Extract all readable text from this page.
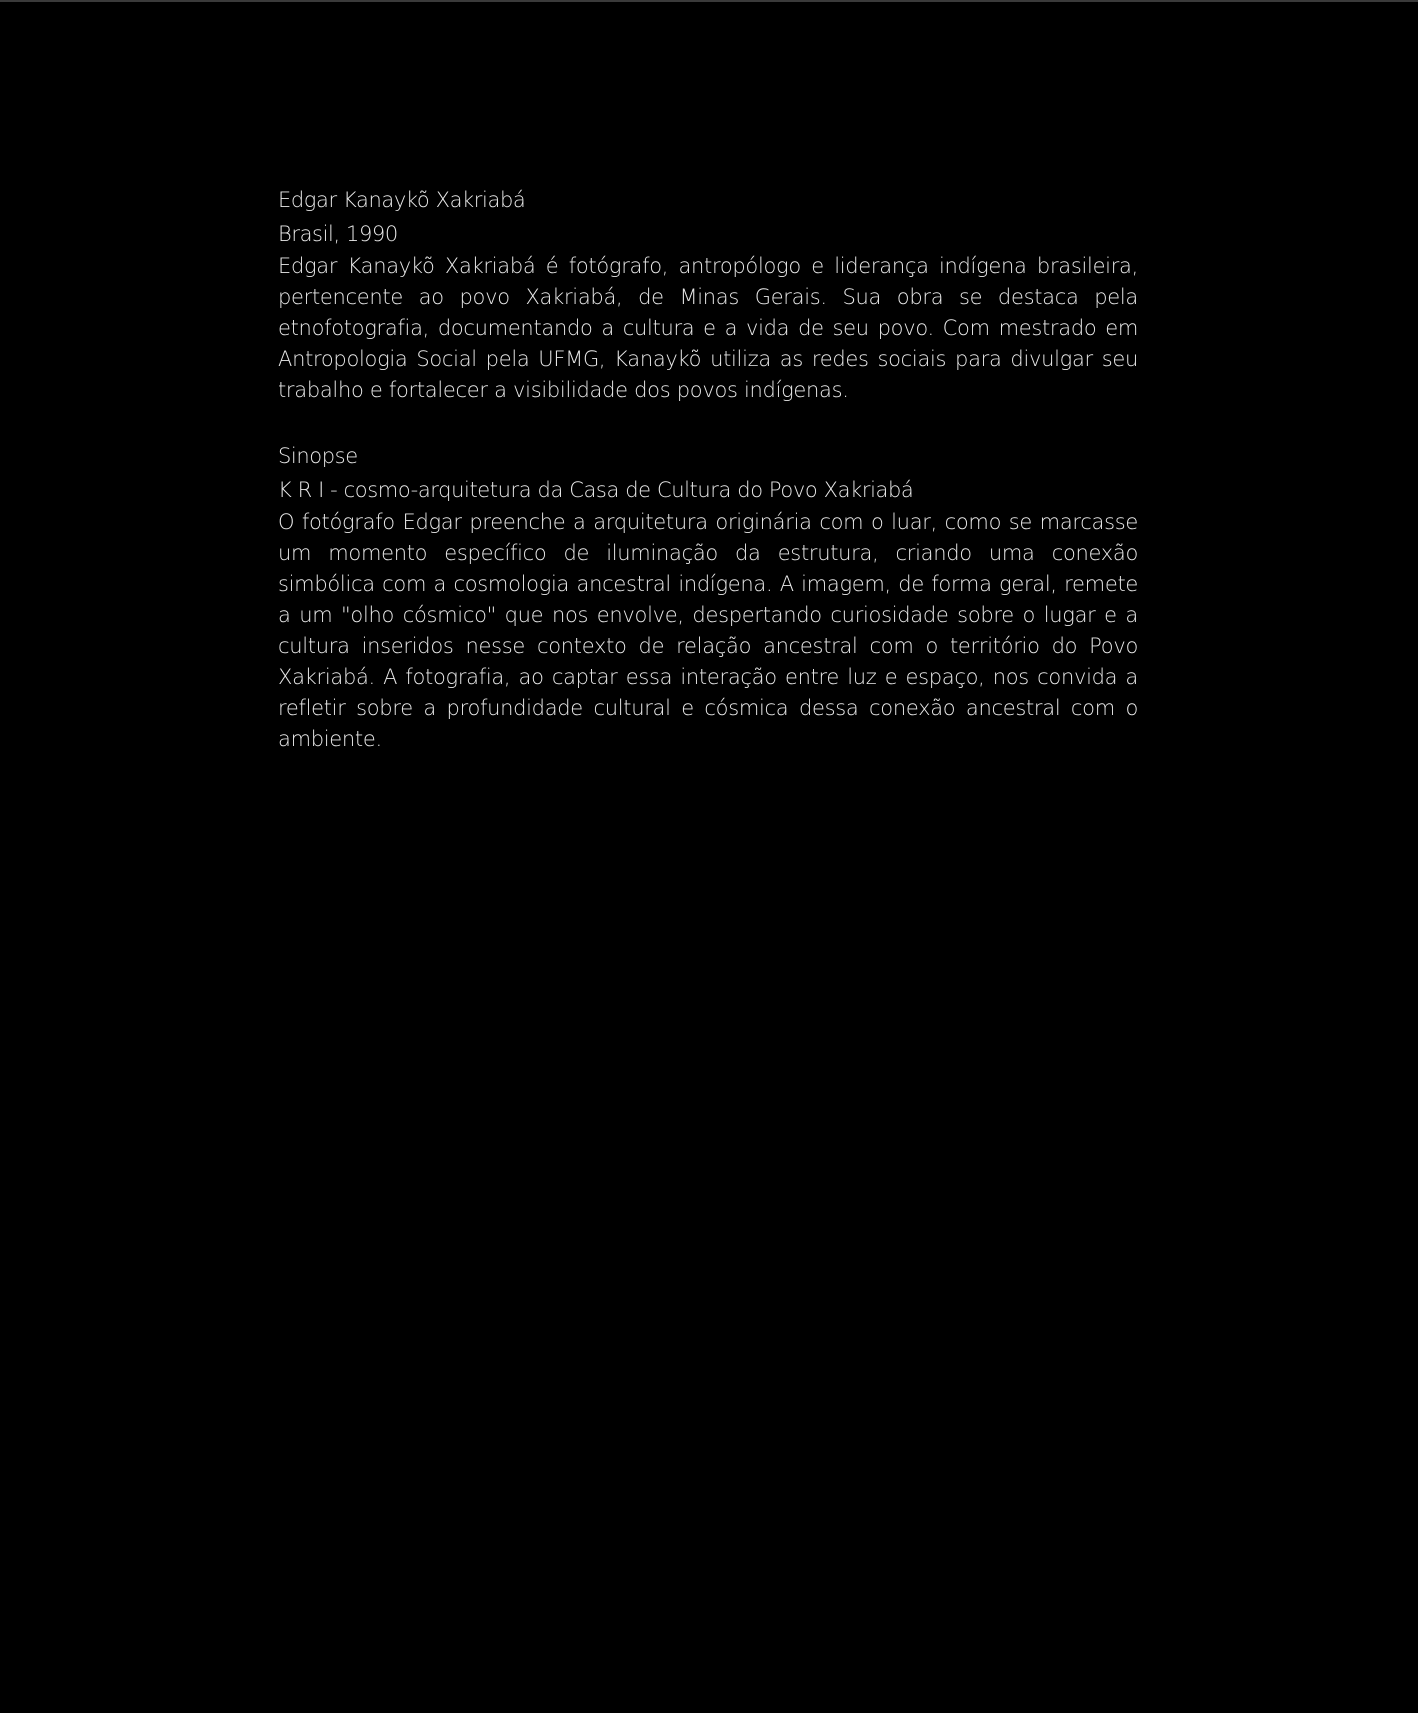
Edgar Kanaykõ Xakriabá

Brasil, 1990

Edgar Kanaykõ Xakriabá é fotógrafo, antropólogo e liderança indígena brasileira, pertencente ao povo Xakriabá, de Minas Gerais. Sua obra se destaca pela etnofotografia, documentando a cultura e a vida de seu povo. Com mestrado em Antropologia Social pela UFMG, Kanaykõ utiliza as redes sociais para divulgar seu trabalho e fortalecer a visibilidade dos povos indígenas.

Sinopse

K R I - cosmo-arquitetura da Casa de Cultura do Povo Xakriabá

O fotógrafo Edgar preenche a arquitetura originária com o luar, como se marcasse um momento específico de iluminação da estrutura, criando uma conexão simbólica com a cosmologia ancestral indígena. A imagem, de forma geral, remete a um "olho cósmico" que nos envolve, despertando curiosidade sobre o lugar e a cultura inseridos nesse contexto de relação ancestral com o território do Povo Xakriabá. A fotografia, ao captar essa interação entre luz e espaço, nos convida a refletir sobre a profundidade cultural e cósmica dessa conexão ancestral com o ambiente.
